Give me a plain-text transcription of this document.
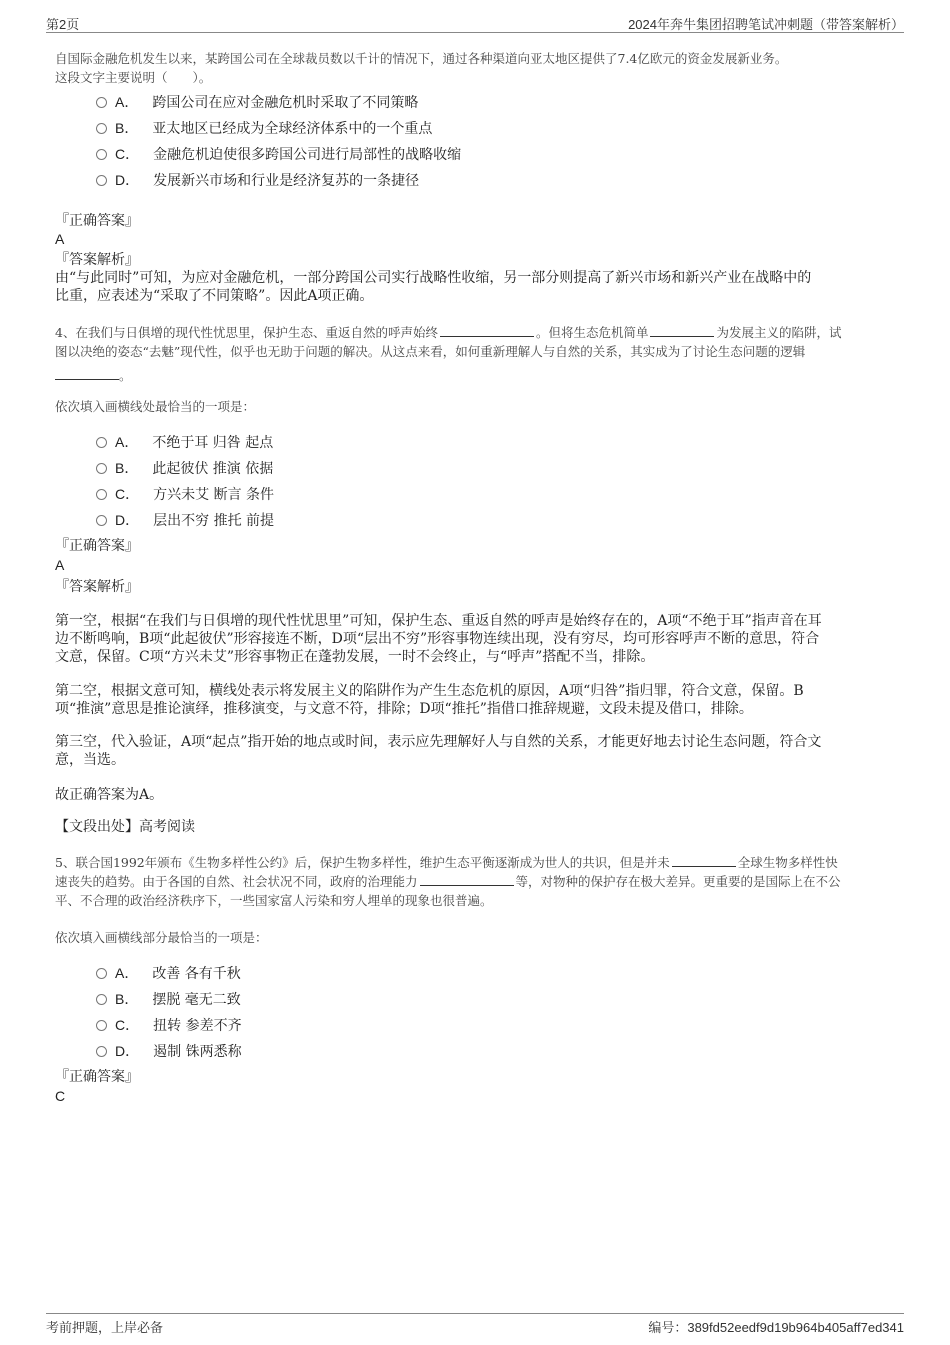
第2页	2024年奔牛集团招聘笔试冲刺题（带答案解析）
自国际金融危机发生以来，某跨国公司在全球裁员数以千计的情况下，通过各种渠道向亚太地区提供了7.4亿欧元的资金发展新业务。
这段文字主要说明（　　）。
A． 跨国公司在应对金融危机时采取了不同策略
B． 亚太地区已经成为全球经济体系中的一个重点
C． 金融危机迫使很多跨国公司进行局部性的战略收缩
D． 发展新兴市场和行业是经济复苏的一条捷径
『正确答案』
A
『答案解析』
由“与此同时”可知，为应对金融危机，一部分跨国公司实行战略性收缩，另一部分则提高了新兴市场和新兴产业在战略中的
比重，应表述为“采取了不同策略”。因此A项正确。
4、在我们与日俱增的现代性忧思里，保护生态、重返自然的呼声始终	。但将生态危机简单	为发展主义的陷阱，试
图以决绝的姿态“去魅”现代性，似乎也无助于问题的解决。从这点来看，如何重新理解人与自然的关系，其实成为了讨论生态问题的逻辑
。
依次填入画横线处最恰当的一项是：
A． 不绝于耳 归咎 起点
B． 此起彼伏 推演 依据
C． 方兴未艾 断言 条件
D． 层出不穷 推托 前提
『正确答案』
A
『答案解析』
第一空，根据“在我们与日俱增的现代性忧思里”可知，保护生态、重返自然的呼声是始终存在的，A项“不绝于耳”指声音在耳
边不断鸣响，B项“此起彼伏”形容接连不断，D项“层出不穷”形容事物连续出现，没有穷尽，均可形容呼声不断的意思，符合
文意，保留。C项“方兴未艾”形容事物正在蓬勃发展，一时不会终止，与“呼声”搭配不当，排除。
第二空，根据文意可知，横线处表示将发展主义的陷阱作为产生生态危机的原因，A项“归咎”指归罪，符合文意，保留。B
项“推演”意思是推论演绎，推移演变，与文意不符，排除；D项“推托”指借口推辞规避，文段未提及借口，排除。
第三空，代入验证，A项“起点”指开始的地点或时间，表示应先理解好人与自然的关系，才能更好地去讨论生态问题，符合文
意，当选。
故正确答案为A。
【文段出处】高考阅读
5、联合国1992年颁布《生物多样性公约》后，保护生物多样性，维护生态平衡逐渐成为世人的共识，但是并未	全球生物多样性快
速丧失的趋势。由于各国的自然、社会状况不同，政府的治理能力	等，对物种的保护存在极大差异。更重要的是国际上在不公
平、不合理的政治经济秩序下，一些国家富人污染和穷人埋单的现象也很普遍。
依次填入画横线部分最恰当的一项是：
A． 改善 各有千秋
B． 摆脱 毫无二致
C． 扭转 参差不齐
D． 遏制 铢两悉称
『正确答案』
C
考前押题，上岸必备	编号：389fd52eedf9d19b964b405aff7ed341
